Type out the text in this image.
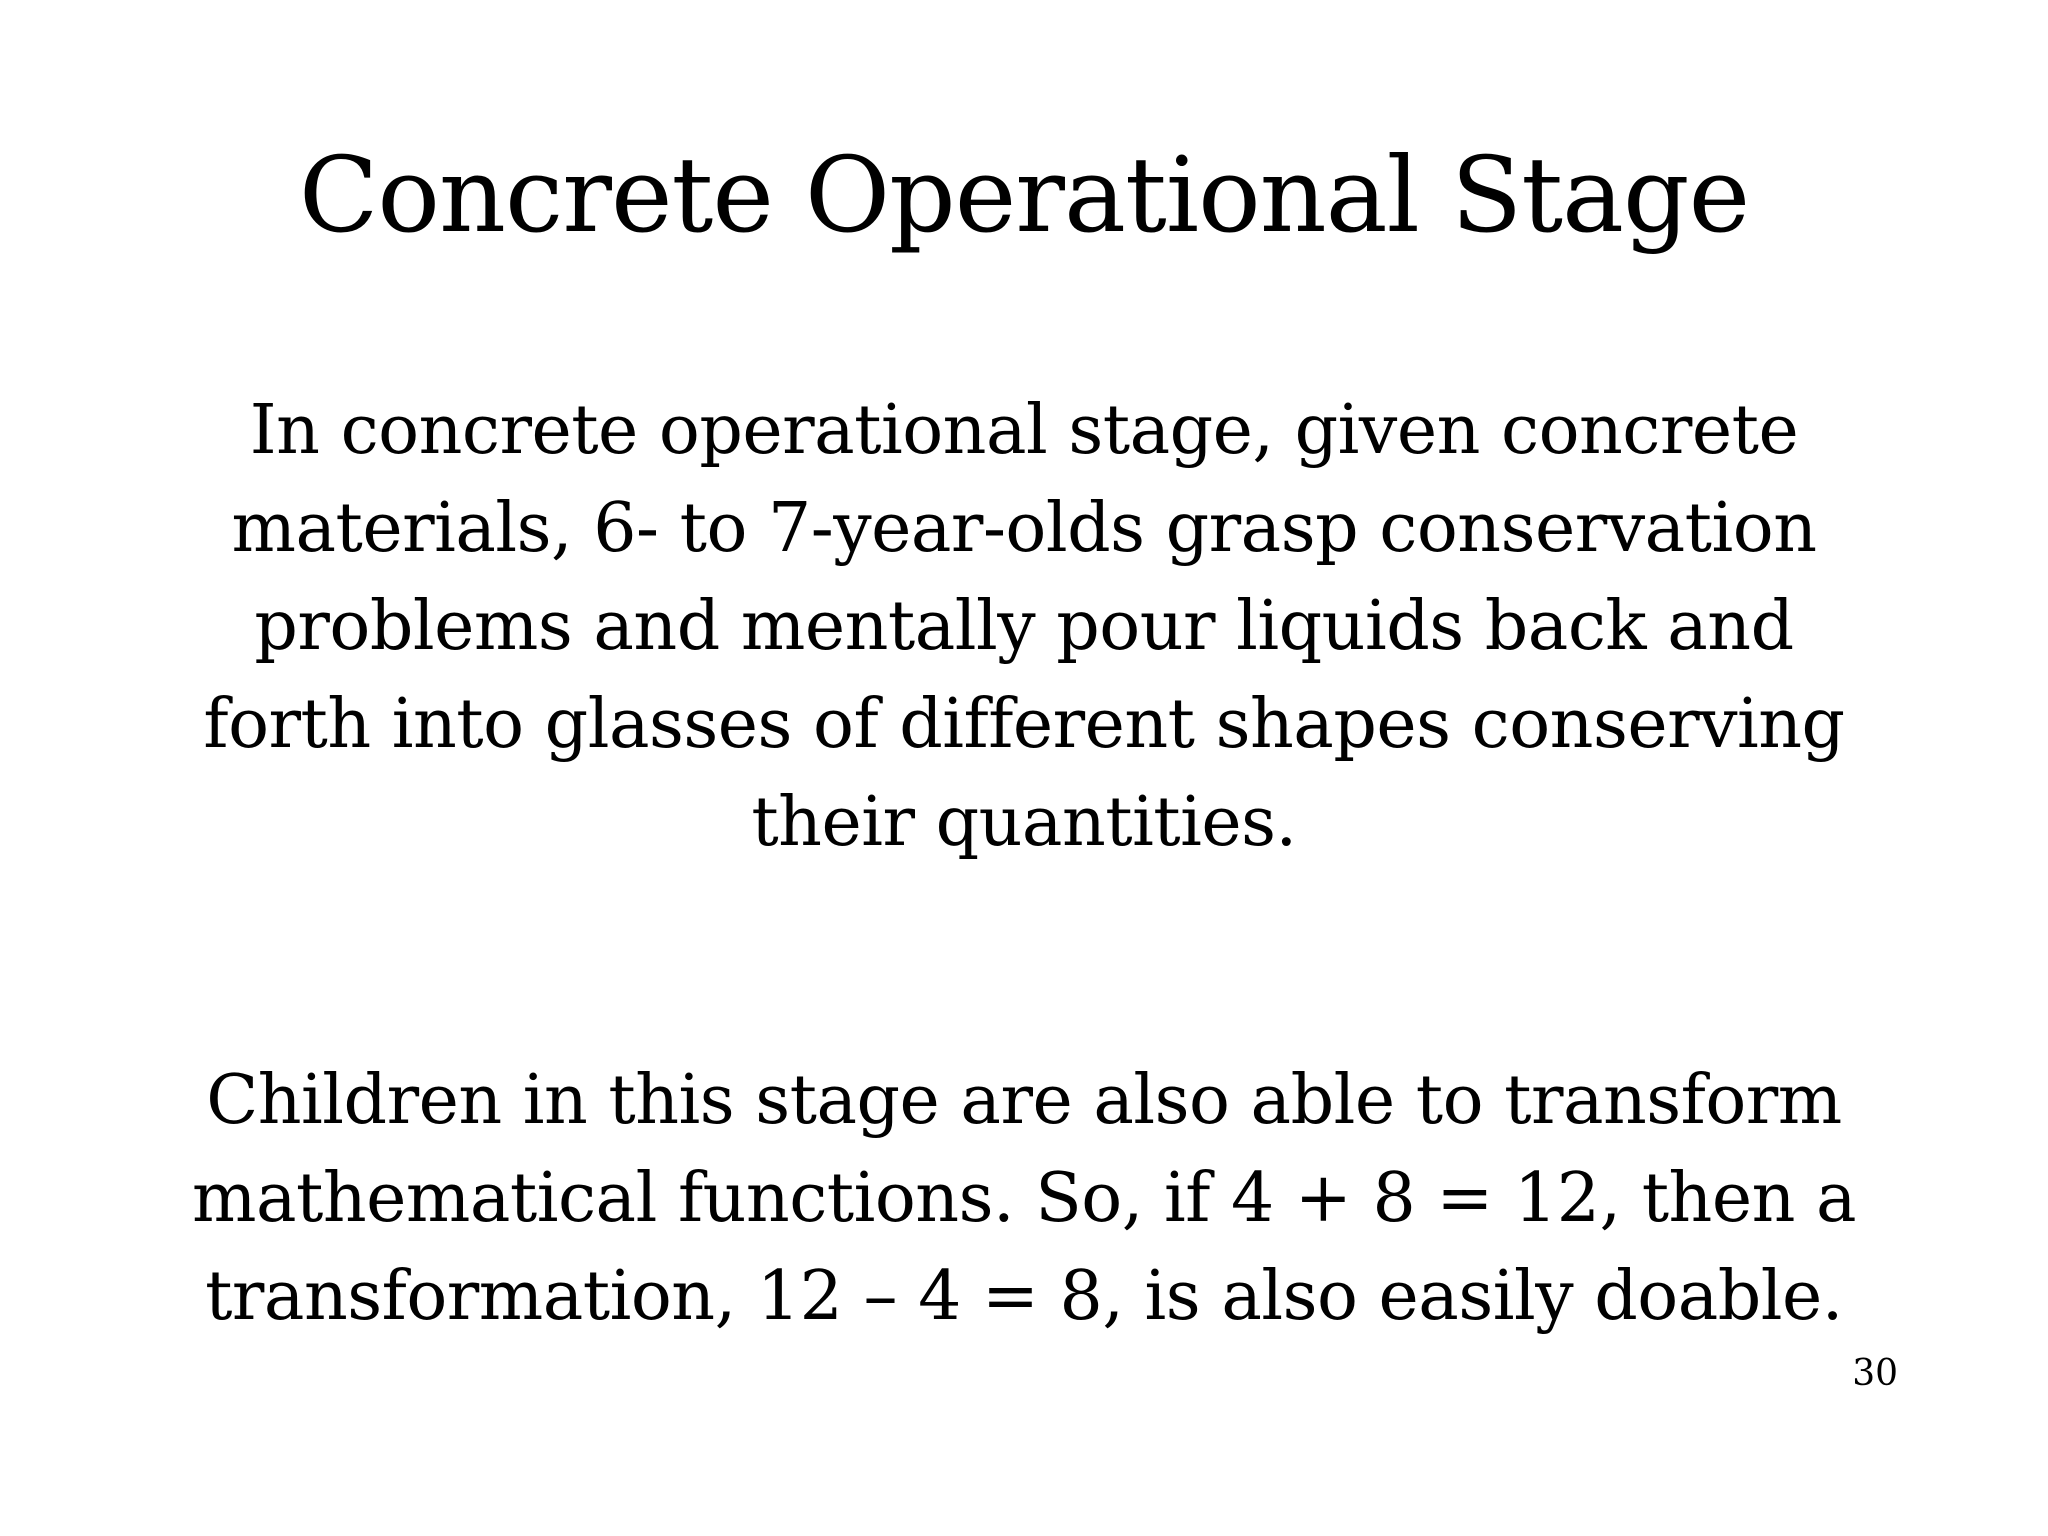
Concrete Operational Stage

In concrete operational stage, given concrete
materials, 6- to 7-year-olds grasp conservation
problems and mentally pour liquids back and
forth into glasses of different shapes conserving
their quantities.

Children in this stage are also able to transform
mathematical functions. So, if 4 + 8 = 12, then a
transformation, 12 – 4 = 8, is also easily doable.

30
